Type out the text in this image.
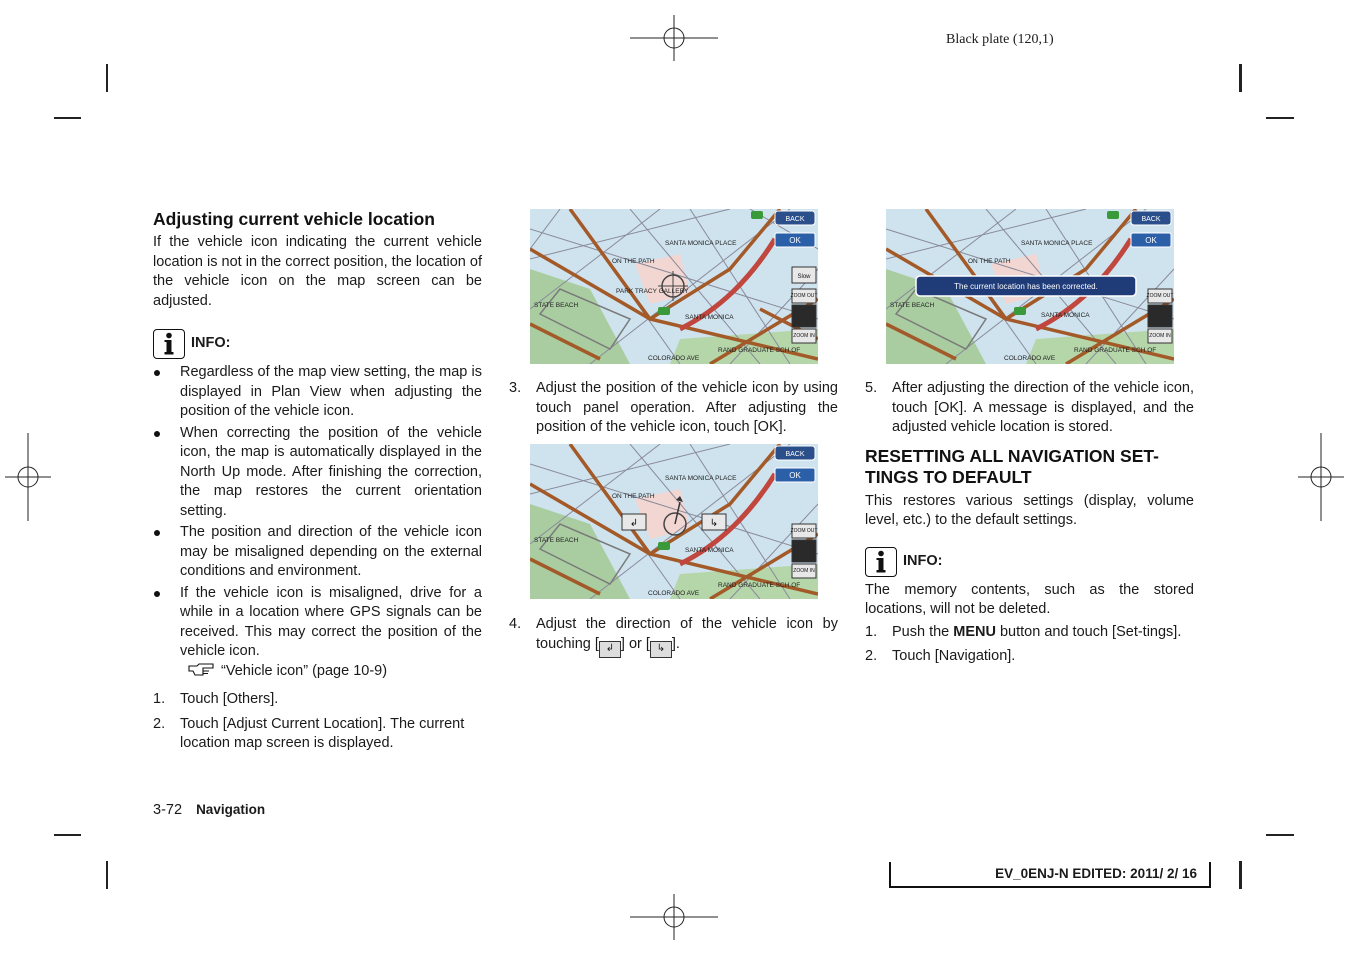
Black plate (120,1)
Adjusting current vehicle location

If the vehicle icon indicating the current vehicle location is not in the correct position, the location of the vehicle icon on the map screen can be adjusted.

INFO:
Regardless of the map view setting, the map is displayed in Plan View when adjusting the position of the vehicle icon.
When correcting the position of the vehicle icon, the map is automatically displayed in the North Up mode. After finishing the correction, the map restores the current orientation setting.
The position and direction of the vehicle icon may be misaligned depending on the external conditions and environment.
If the vehicle icon is misaligned, drive for a while in a location where GPS signals can be received. This may correct the position of the vehicle icon.
“Vehicle icon” (page 10-9)
1. Touch [Others].
2. Touch [Adjust Current Location]. The current location map screen is displayed.
BACK
OK
Slow
ZOOM OUT
ZOOM IN
SANTA MONICA PLACE
ON THE PATH
PARK TRACY GALLERY
STATE BEACH
SANTA MONICA
COLORADO AVE
RAND GRADUATE SCH OF
↲	↳
BACK
OK
ZOOM OUT
ZOOM IN
SANTA MONICA PLACE
ON THE PATH
STATE BEACH
SANTA MONICA
COLORADO AVE
RAND GRADUATE SCH OF
The current location has been corrected.
BACK
OK
ZOOM OUT
ZOOM IN
SANTA MONICA PLACE
ON THE PATH
STATE BEACH
SANTA MONICA
COLORADO AVE
RAND GRADUATE SCH OF
3. Adjust the position of the vehicle icon by using touch panel operation. After adjusting the position of the vehicle icon, touch [OK].
4. Adjust the direction of the vehicle icon by touching [ ↲ ] or [ ↳ ].
5. After adjusting the direction of the vehicle icon, touch [OK]. A message is displayed, and the adjusted vehicle location is stored.
RESETTING ALL NAVIGATION SET-TINGS TO DEFAULT

This restores various settings (display, volume level, etc.) to the default settings.

INFO:

The memory contents, such as the stored locations, will not be deleted.

1. Push the MENU button and touch [Set-tings].
2. Touch [Navigation].
3-72 Navigation
EV_0ENJ-N EDITED: 2011/ 2/ 16
